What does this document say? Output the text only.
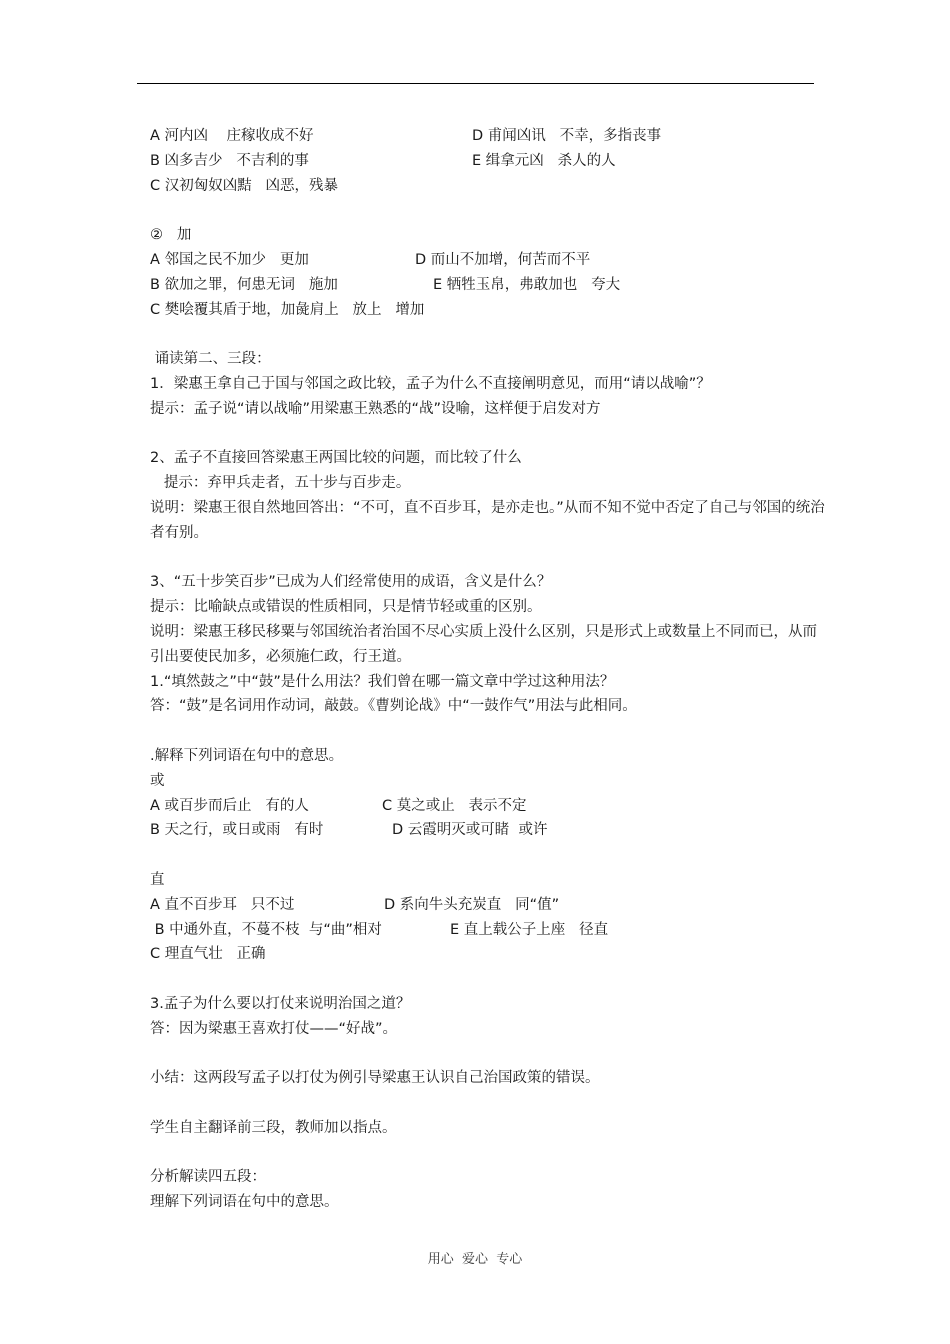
A 河内凶    庄稼收成不好

	D 甫闻凶讯   不幸，多指丧事

B 凶多吉少   不吉利的事

	E 缉拿元凶   杀人的人

C 汉初匈奴凶黠   凶恶，残暴
②   加

A 邻国之民不加少   更加

	D 而山不加增，何苦而不平

B 欲加之罪，何患无词   施加

	E 牺牲玉帛，弗敢加也   夸大

C 樊哙覆其盾于地，加彘肩上   放上   增加
诵读第二、三段：
1．梁惠王拿自己于国与邻国之政比较，孟子为什么不直接阐明意见，而用“请以战喻”？
提示：孟子说“请以战喻”用梁惠王熟悉的“战”设喻，这样便于启发对方
2、孟子不直接回答梁惠王两国比较的问题，而比较了什么
提示：弃甲兵走者，五十步与百步走。
说明：梁惠王很自然地回答出：“不可，直不百步耳，是亦走也。”从而不知不觉中否定了自己与邻国的统治者有别。
3、“五十步笑百步”已成为人们经常使用的成语，含义是什么？
提示：比喻缺点或错误的性质相同，只是情节轻或重的区别。
说明：梁惠王移民移粟与邻国统治者治国不尽心实质上没什么区别，只是形式上或数量上不同而已，从而引出要使民加多，必须施仁政，行王道。
1.“填然鼓之”中“鼓”是什么用法？我们曾在哪一篇文章中学过这种用法？
答：“鼓”是名词用作动词，敲鼓。《曹刿论战》中“一鼓作气”用法与此相同。
.解释下列词语在句中的意思。
或

A 或百步而后止   有的人

	C 莫之或止   表示不定

B 天之行，或日或雨   有时

	D 云霞明灭或可睹  或许

直

A 直不百步耳   只不过

	D 系向牛头充炭直   同“值”

B 中通外直，不蔓不枝  与“曲”相对

	E 直上载公子上座   径直

C 理直气壮   正确
3.孟子为什么要以打仗来说明治国之道？
答：因为梁惠王喜欢打仗——“好战”。
小结：这两段写孟子以打仗为例引导梁惠王认识自己治国政策的错误。
学生自主翻译前三段，教师加以指点。
分析解读四五段：
理解下列词语在句中的意思。
用心  爱心  专心
